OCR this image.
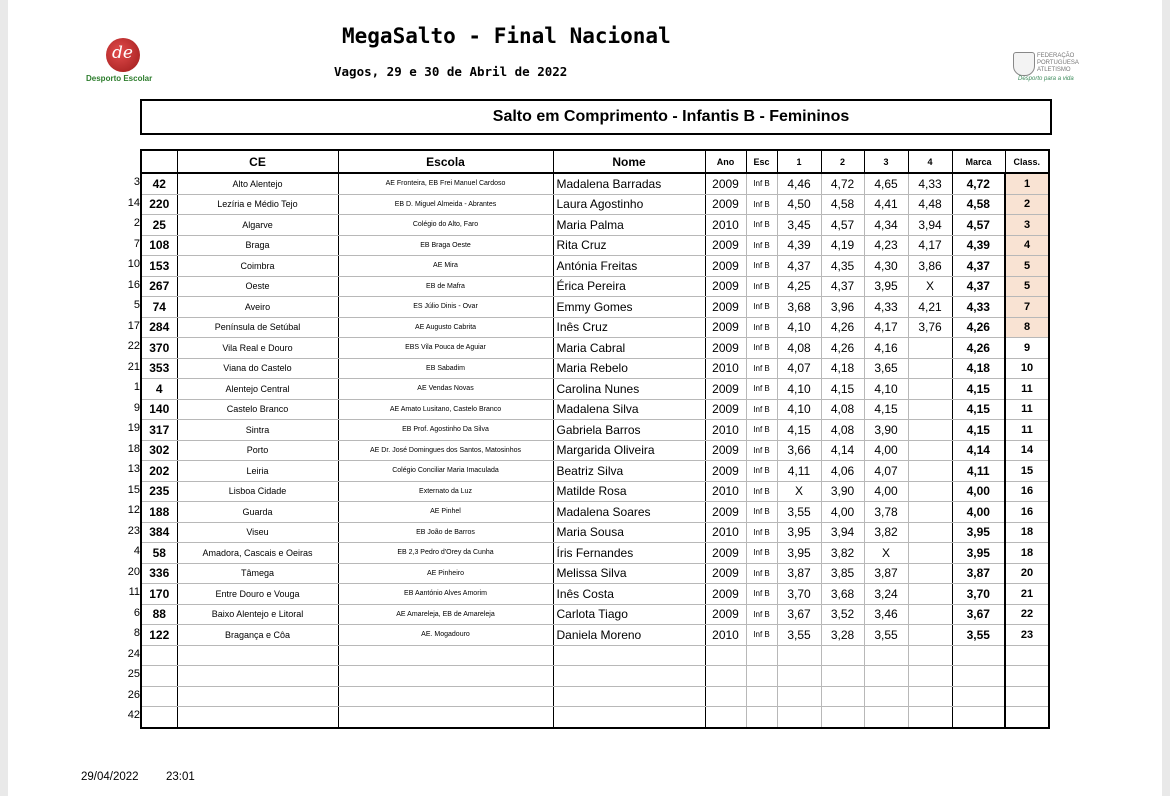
de
Desporto Escolar
MegaSalto - Final Nacional
Vagos, 29 e 30 de Abril de 2022
FEDERAÇÃO PORTUGUESA ATLETISMO
Desporto para a vida
Salto em Comprimento - Infantis B - Femininos
3
14
2
7
10
16
5
17
22
21
1
9
19
18
13
15
12
23
4
20
11
6
8
24
25
26
42
	CE	Escola	Nome	Ano	Esc	1	2	3	4	Marca	Class.
42	Alto Alentejo	AE Fronteira, EB Frei Manuel Cardoso	Madalena Barradas	2009	Inf B	4,46	4,72	4,65	4,33	4,72	1
220	Lezíria e Médio Tejo	EB D. Miguel Almeida - Abrantes	Laura Agostinho	2009	Inf B	4,50	4,58	4,41	4,48	4,58	2
25	Algarve	Colégio do Alto, Faro	Maria Palma	2010	Inf B	3,45	4,57	4,34	3,94	4,57	3
108	Braga	EB Braga Oeste	Rita Cruz	2009	Inf B	4,39	4,19	4,23	4,17	4,39	4
153	Coimbra	AE Mira	Antónia Freitas	2009	Inf B	4,37	4,35	4,30	3,86	4,37	5
267	Oeste	EB de Mafra	Érica Pereira	2009	Inf B	4,25	4,37	3,95	X	4,37	5
74	Aveiro	ES Júlio Dinis - Ovar	Emmy Gomes	2009	Inf B	3,68	3,96	4,33	4,21	4,33	7
284	Península de Setúbal	AE Augusto Cabrita	Inês Cruz	2009	Inf B	4,10	4,26	4,17	3,76	4,26	8
370	Vila Real e Douro	EBS Vila Pouca de Aguiar	Maria Cabral	2009	Inf B	4,08	4,26	4,16		4,26	9
353	Viana do Castelo	EB Sabadim	Maria Rebelo	2010	Inf B	4,07	4,18	3,65		4,18	10
4	Alentejo Central	AE Vendas Novas	Carolina Nunes	2009	Inf B	4,10	4,15	4,10		4,15	11
140	Castelo Branco	AE Amato Lusitano, Castelo Branco	Madalena Silva	2009	Inf B	4,10	4,08	4,15		4,15	11
317	Sintra	EB Prof. Agostinho Da Silva	Gabriela Barros	2010	Inf B	4,15	4,08	3,90		4,15	11
302	Porto	AE Dr. José Domingues dos Santos, Matosinhos	Margarida Oliveira	2009	Inf B	3,66	4,14	4,00		4,14	14
202	Leiria	Colégio Conciliar Maria Imaculada	Beatriz Silva	2009	Inf B	4,11	4,06	4,07		4,11	15
235	Lisboa Cidade	Externato da Luz	Matilde Rosa	2010	Inf B	X	3,90	4,00		4,00	16
188	Guarda	AE Pinhel	Madalena Soares	2009	Inf B	3,55	4,00	3,78		4,00	16
384	Viseu	EB João de Barros	Maria Sousa	2010	Inf B	3,95	3,94	3,82		3,95	18
58	Amadora, Cascais e Oeiras	EB 2,3 Pedro d'Orey da Cunha	Íris Fernandes	2009	Inf B	3,95	3,82	X		3,95	18
336	Tâmega	AE Pinheiro	Melissa Silva	2009	Inf B	3,87	3,85	3,87		3,87	20
170	Entre Douro e Vouga	EB Aantónio Alves Amorim	Inês Costa	2009	Inf B	3,70	3,68	3,24		3,70	21
88	Baixo Alentejo e Litoral	AE Amareleja, EB de Amareleja	Carlota Tiago	2009	Inf B	3,67	3,52	3,46		3,67	22
122	Bragança e Côa	AE. Mogadouro	Daniela Moreno	2010	Inf B	3,55	3,28	3,55		3,55	23

29/04/2022 23:01
